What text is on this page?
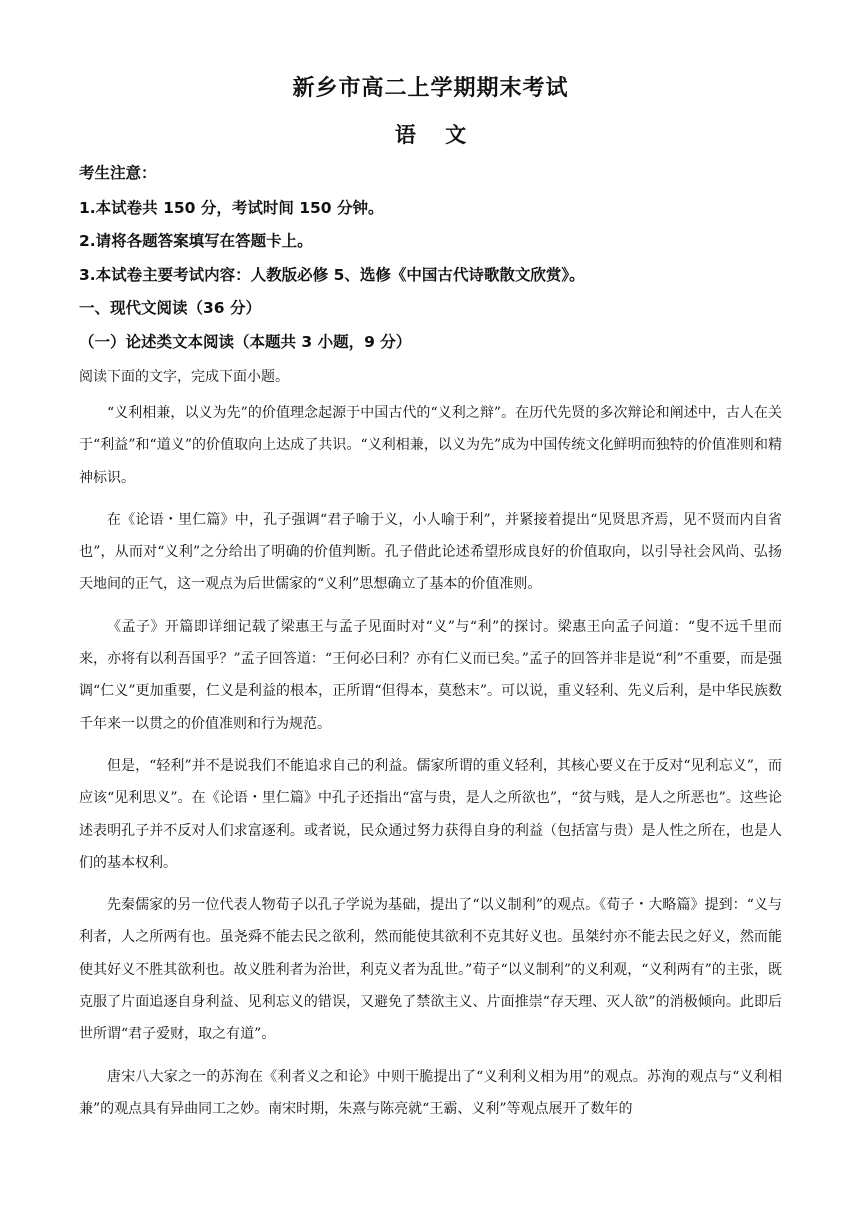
新乡市高二上学期期末考试
语 文
考生注意：
1.本试卷共 150 分，考试时间 150 分钟。
2.请将各题答案填写在答题卡上。
3.本试卷主要考试内容：人教版必修 5、选修《中国古代诗歌散文欣赏》。
一、现代文阅读（36 分）
（一）论述类文本阅读（本题共 3 小题，9 分）
阅读下面的文字，完成下面小题。

“义利相兼，以义为先”的价值理念起源于中国古代的“义利之辩”。在历代先贤的多次辩论和阐述中，古人在关于“利益”和“道义”的价值取向上达成了共识。“义利相兼，以义为先”成为中国传统文化鲜明而独特的价值准则和精神标识。

在《论语・里仁篇》中，孔子强调“君子喻于义，小人喻于利”，并紧接着提出“见贤思齐焉，见不贤而内自省也”，从而对“义利”之分给出了明确的价值判断。孔子借此论述希望形成良好的价值取向，以引导社会风尚、弘扬天地间的正气，这一观点为后世儒家的“义利”思想确立了基本的价值准则。

《孟子》开篇即详细记载了梁惠王与孟子见面时对“义”与“利”的探讨。梁惠王向孟子问道：“叟不远千里而来，亦将有以利吾国乎？”孟子回答道：“王何必曰利？亦有仁义而已矣。”孟子的回答并非是说“利”不重要，而是强调“仁义”更加重要，仁义是利益的根本，正所谓“但得本，莫愁末”。可以说，重义轻利、先义后利，是中华民族数千年来一以贯之的价值准则和行为规范。

但是，“轻利”并不是说我们不能追求自己的利益。儒家所谓的重义轻利，其核心要义在于反对“见利忘义”，而应该“见利思义”。在《论语・里仁篇》中孔子还指出“富与贵，是人之所欲也”，“贫与贱，是人之所恶也”。这些论述表明孔子并不反对人们求富逐利。或者说，民众通过努力获得自身的利益（包括富与贵）是人性之所在，也是人们的基本权利。

先秦儒家的另一位代表人物荀子以孔子学说为基础，提出了“以义制利”的观点。《荀子・大略篇》提到：“义与利者，人之所两有也。虽尧舜不能去民之欲利，然而能使其欲利不克其好义也。虽桀纣亦不能去民之好义，然而能使其好义不胜其欲利也。故义胜利者为治世，利克义者为乱世。”荀子“以义制利”的义利观，“义利两有”的主张，既克服了片面追逐自身利益、见利忘义的错误，又避免了禁欲主义、片面推崇“存天理、灭人欲”的消极倾向。此即后世所谓“君子爱财，取之有道”。

唐宋八大家之一的苏洵在《利者义之和论》中则干脆提出了“义利利义相为用”的观点。苏洵的观点与“义利相兼”的观点具有异曲同工之妙。南宋时期，朱熹与陈亮就“王霸、义利”等观点展开了数年的
